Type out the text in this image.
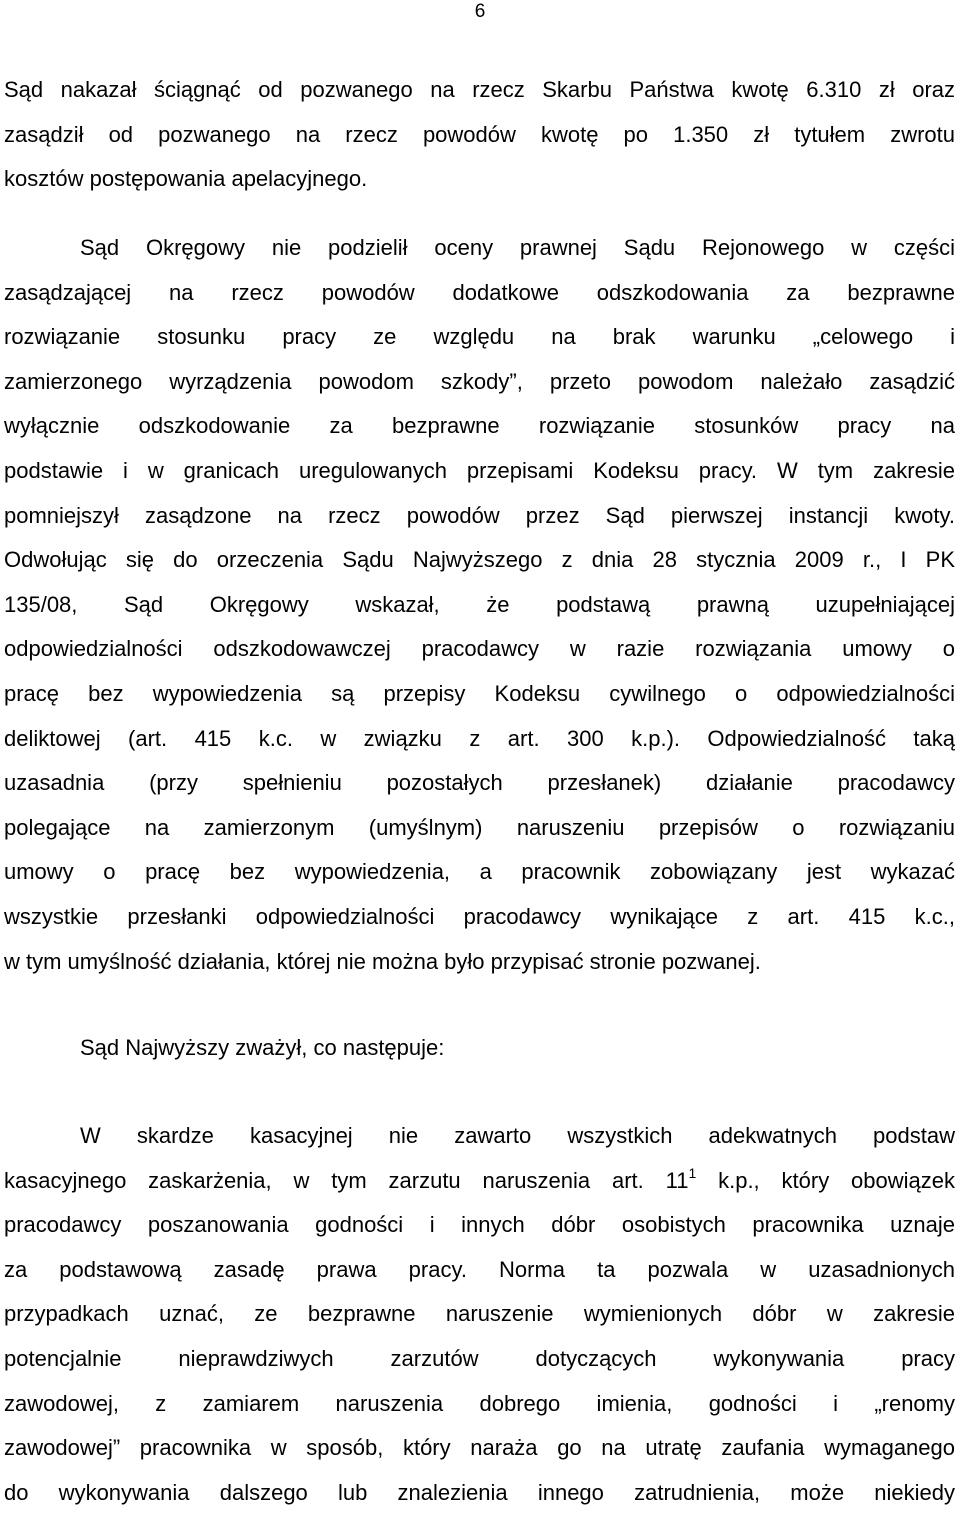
6
Sąd nakazał ściągnąć od pozwanego na rzecz Skarbu Państwa kwotę 6.310 zł oraz
zasądził od pozwanego na rzecz powodów kwotę po 1.350 zł tytułem zwrotu
kosztów postępowania apelacyjnego.
Sąd Okręgowy nie podzielił oceny prawnej Sądu Rejonowego w części
zasądzającej na rzecz powodów dodatkowe odszkodowania za bezprawne
rozwiązanie stosunku pracy ze względu na brak warunku „celowego i
zamierzonego wyrządzenia powodom szkody”, przeto powodom należało zasądzić
wyłącznie odszkodowanie za bezprawne rozwiązanie stosunków pracy na
podstawie i w granicach uregulowanych przepisami Kodeksu pracy. W tym zakresie
pomniejszył zasądzone na rzecz powodów przez Sąd pierwszej instancji kwoty.
Odwołując się do orzeczenia Sądu Najwyższego z dnia 28 stycznia 2009 r., I PK
135/08, Sąd Okręgowy wskazał, że podstawą prawną uzupełniającej
odpowiedzialności odszkodowawczej pracodawcy w razie rozwiązania umowy o
pracę bez wypowiedzenia są przepisy Kodeksu cywilnego o odpowiedzialności
deliktowej (art. 415 k.c. w związku z art. 300 k.p.). Odpowiedzialność taką
uzasadnia (przy spełnieniu pozostałych przesłanek) działanie pracodawcy
polegające na zamierzonym (umyślnym) naruszeniu przepisów o rozwiązaniu
umowy o pracę bez wypowiedzenia, a pracownik zobowiązany jest wykazać
wszystkie przesłanki odpowiedzialności pracodawcy wynikające z art. 415 k.c.,
w tym umyślność działania, której nie można było przypisać stronie pozwanej.
Sąd Najwyższy zważył, co następuje:
W skardze kasacyjnej nie zawarto wszystkich adekwatnych podstaw
kasacyjnego zaskarżenia, w tym zarzutu naruszenia art. $11^1$ k.p., który obowiązek
pracodawcy poszanowania godności i innych dóbr osobistych pracownika uznaje
za podstawową zasadę prawa pracy. Norma ta pozwala w uzasadnionych
przypadkach uznać, ze bezprawne naruszenie wymienionych dóbr w zakresie
potencjalnie nieprawdziwych zarzutów dotyczących wykonywania pracy
zawodowej, z zamiarem naruszenia dobrego imienia, godności i „renomy
zawodowej” pracownika w sposób, który naraża go na utratę zaufania wymaganego
do wykonywania dalszego lub znalezienia innego zatrudnienia, może niekiedy
